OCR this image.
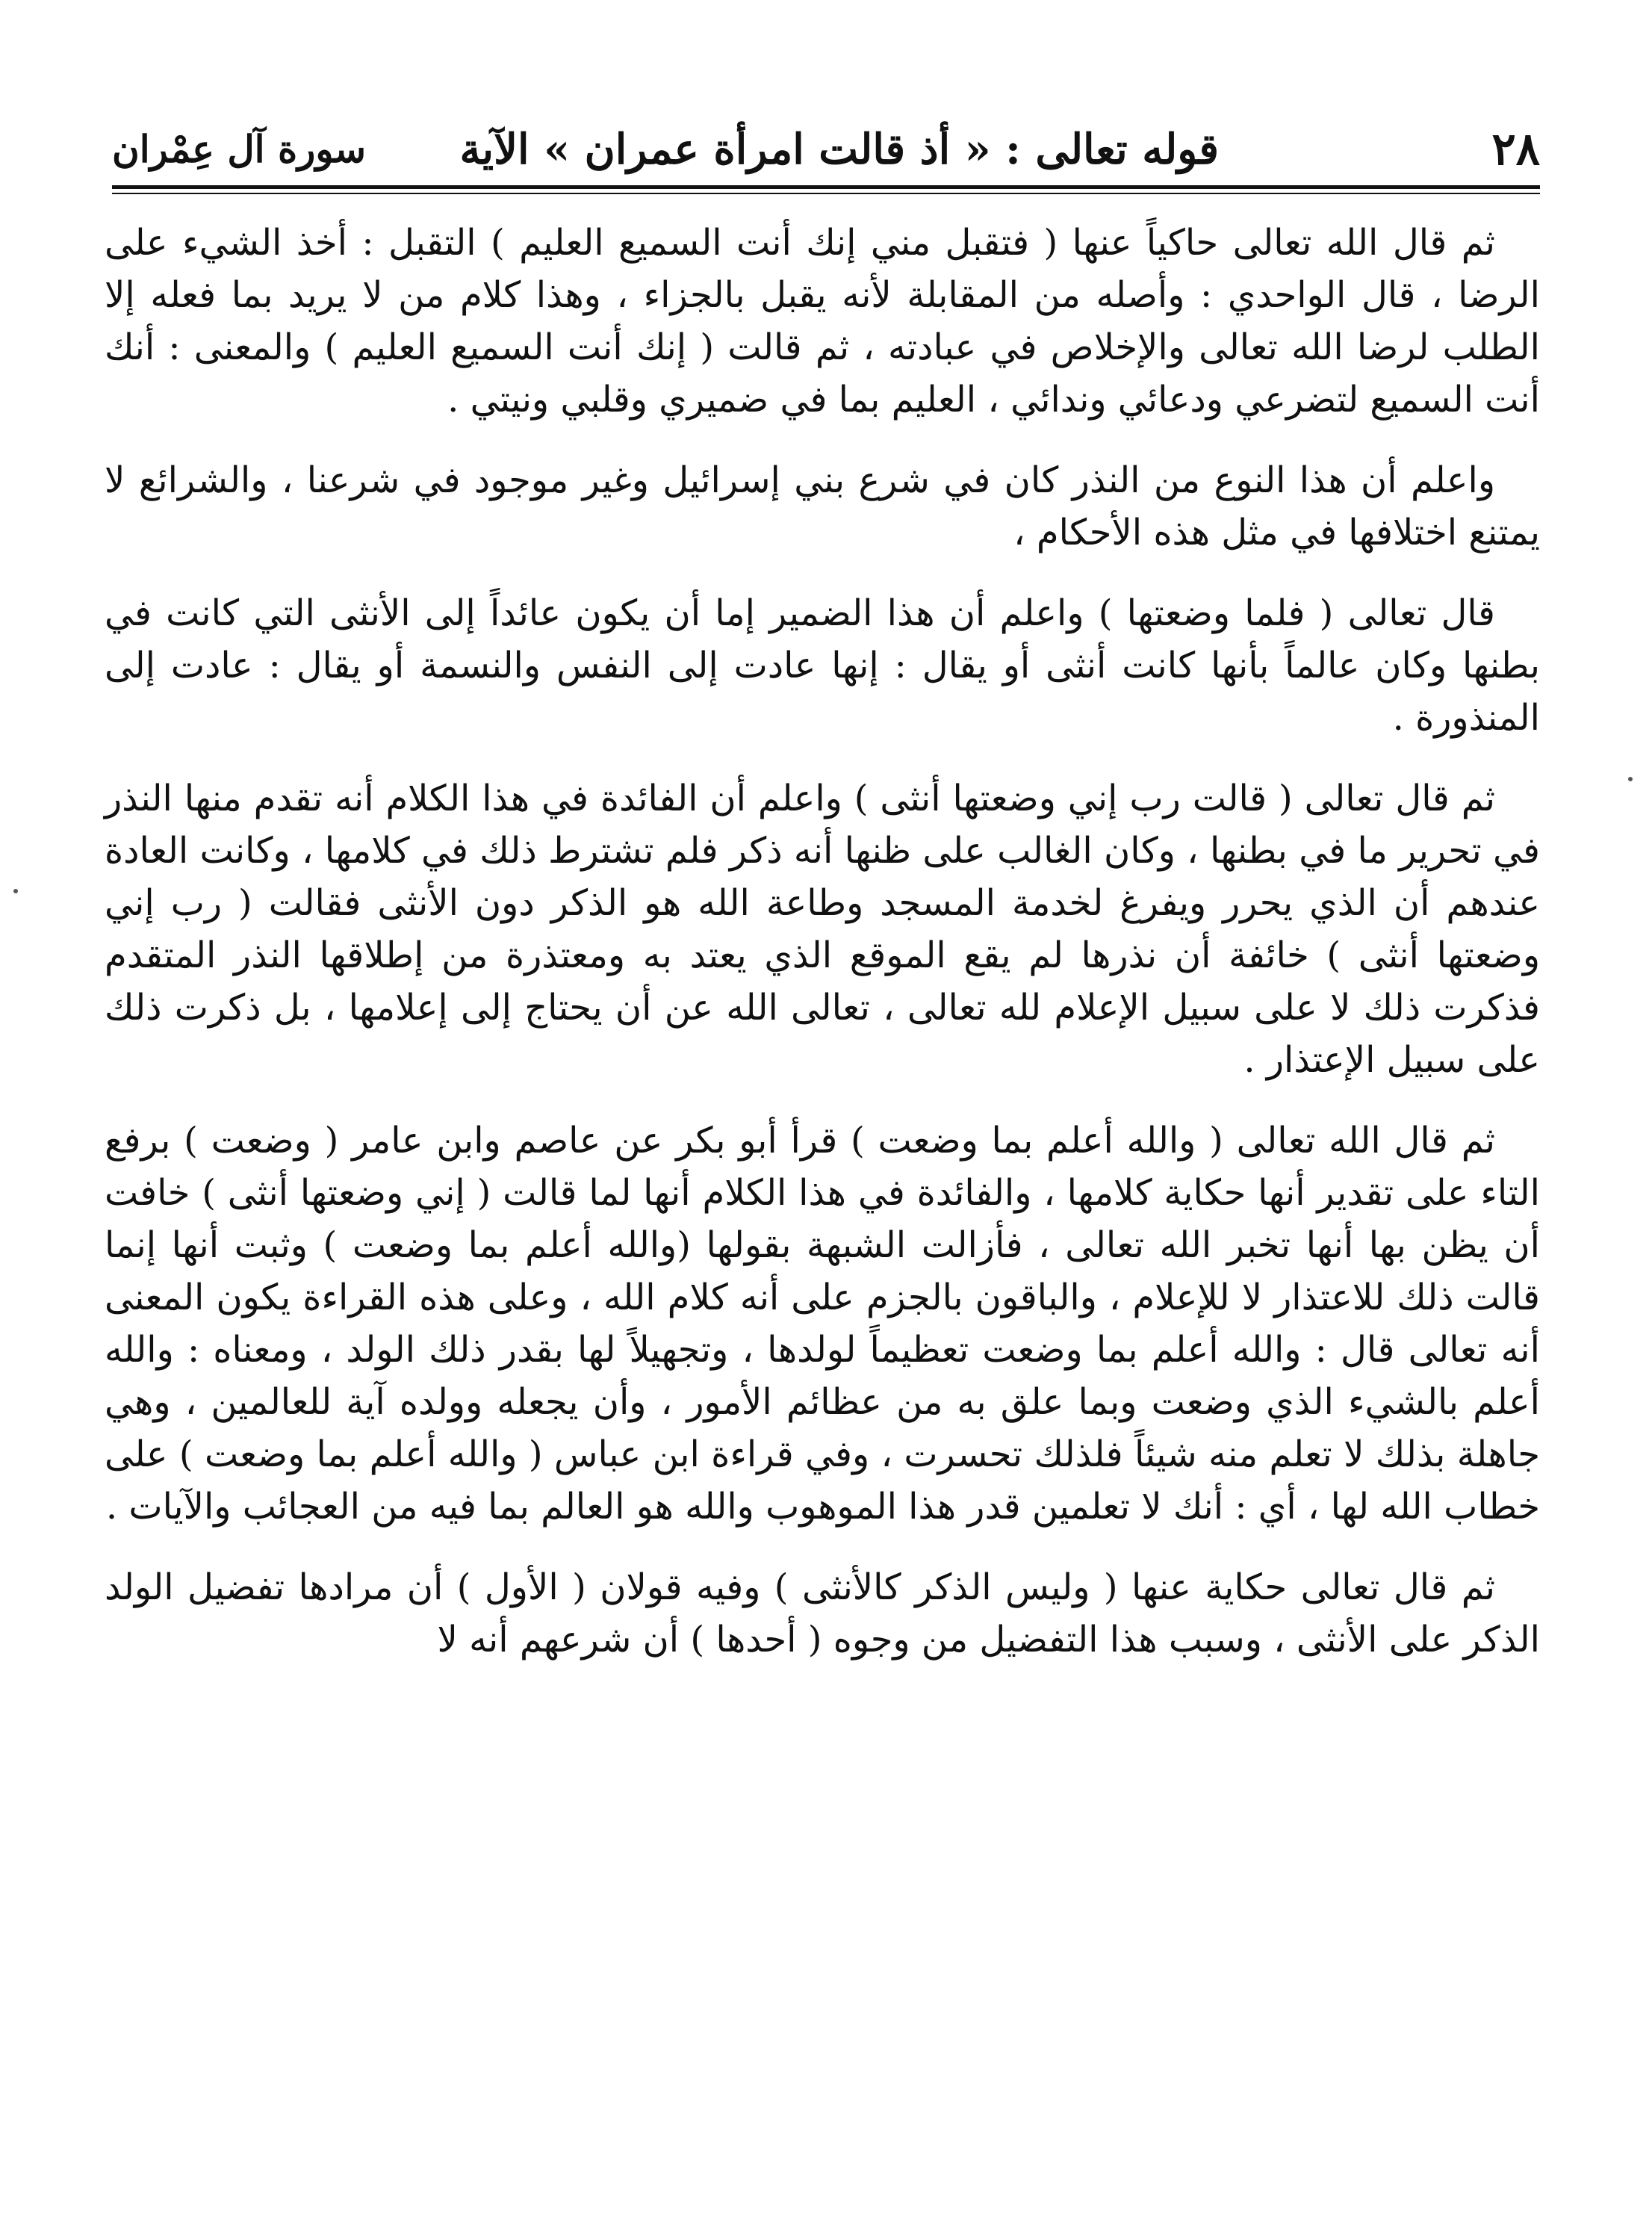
٢٨
قوله تعالى : « أذ قالت امرأة عمران » الآية
سورة آل عِمْران

ثم قال الله تعالى حاكياً عنها ( فتقبل مني إنك أنت السميع العليم ) التقبل : أخذ الشيء على الرضا ، قال الواحدي : وأصله من المقابلة لأنه يقبل بالجزاء ، وهذا كلام من لا يريد بما فعله إلا الطلب لرضا الله تعالى والإخلاص في عبادته ، ثم قالت ( إنك أنت السميع العليم ) والمعنى : أنك أنت السميع لتضرعي ودعائي وندائي ، العليم بما في ضميري وقلبي ونيتي .

واعلم أن هذا النوع من النذر كان في شرع بني إسرائيل وغير موجود في شرعنا ، والشرائع لا يمتنع اختلافها في مثل هذه الأحكام ،

قال تعالى ( فلما وضعتها ) واعلم أن هذا الضمير إما أن يكون عائداً إلى الأنثى التي كانت في بطنها وكان عالماً بأنها كانت أنثى أو يقال : إنها عادت إلى النفس والنسمة أو يقال : عادت إلى المنذورة .

ثم قال تعالى ( قالت رب إني وضعتها أنثى ) واعلم أن الفائدة في هذا الكلام أنه تقدم منها النذر في تحرير ما في بطنها ، وكان الغالب على ظنها أنه ذكر فلم تشترط ذلك في كلامها ، وكانت العادة عندهم أن الذي يحرر ويفرغ لخدمة المسجد وطاعة الله هو الذكر دون الأنثى فقالت ( رب إني وضعتها أنثى ) خائفة أن نذرها لم يقع الموقع الذي يعتد به ومعتذرة من إطلاقها النذر المتقدم فذكرت ذلك لا على سبيل الإعلام لله تعالى ، تعالى الله عن أن يحتاج إلى إعلامها ، بل ذكرت ذلك على سبيل الإعتذار .

ثم قال الله تعالى ( والله أعلم بما وضعت ) قرأ أبو بكر عن عاصم وابن عامر ( وضعت ) برفع التاء على تقدير أنها حكاية كلامها ، والفائدة في هذا الكلام أنها لما قالت ( إني وضعتها أنثى ) خافت أن يظن بها أنها تخبر الله تعالى ، فأزالت الشبهة بقولها (والله أعلم بما وضعت ) وثبت أنها إنما قالت ذلك للاعتذار لا للإعلام ، والباقون بالجزم على أنه كلام الله ، وعلى هذه القراءة يكون المعنى أنه تعالى قال : والله أعلم بما وضعت تعظيماً لولدها ، وتجهيلاً لها بقدر ذلك الولد ، ومعناه : والله أعلم بالشيء الذي وضعت وبما علق به من عظائم الأمور ، وأن يجعله وولده آية للعالمين ، وهي جاهلة بذلك لا تعلم منه شيئاً فلذلك تحسرت ، وفي قراءة ابن عباس ( والله أعلم بما وضعت ) على خطاب الله لها ، أي : أنك لا تعلمين قدر هذا الموهوب والله هو العالم بما فيه من العجائب والآيات .

ثم قال تعالى حكاية عنها ( وليس الذكر كالأنثى ) وفيه قولان ( الأول ) أن مرادها تفضيل الولد الذكر على الأنثى ، وسبب هذا التفضيل من وجوه ( أحدها ) أن شرعهم أنه لا
